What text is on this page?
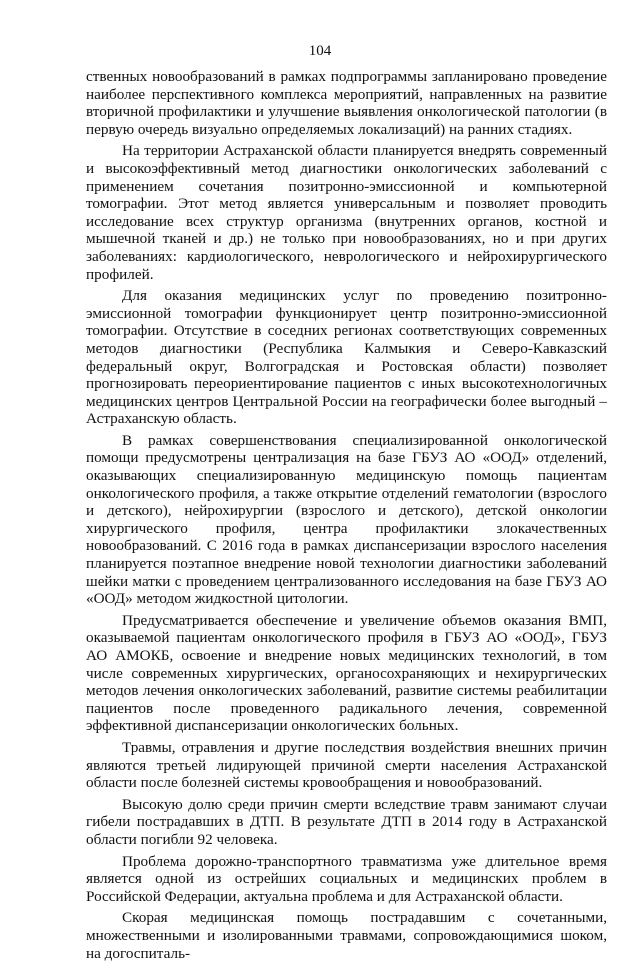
104

ственных новообразований в рамках подпрограммы запланировано проведение наиболее перспективного комплекса мероприятий, направленных на развитие вторичной профилактики и улучшение выявления онкологической патологии (в первую очередь визуально определяемых локализаций) на ранних стадиях.

На территории Астраханской области планируется внедрять современный и высокоэффективный метод диагностики онкологических заболеваний с применением сочетания позитронно-эмиссионной и компьютерной томографии. Этот метод является универсальным и позволяет проводить исследование всех структур организма (внутренних органов, костной и мышечной тканей и др.) не только при новообразованиях, но и при других заболеваниях: кардиологического, неврологического и нейрохирургического профилей.

Для оказания медицинских услуг по проведению позитронно-эмиссионной томографии функционирует центр позитронно-эмиссионной томографии. Отсутствие в соседних регионах соответствующих современных методов диагностики (Республика Калмыкия и Северо-Кавказский федеральный округ, Волгоградская и Ростовская области) позволяет прогнозировать переориентирование пациентов с иных высокотехнологичных медицинских центров Центральной России на географически более выгодный – Астраханскую область.

В рамках совершенствования специализированной онкологической помощи предусмотрены централизация на базе ГБУЗ АО «ООД» отделений, оказывающих специализированную медицинскую помощь пациентам онкологического профиля, а также открытие отделений гематологии (взрослого и детского), нейрохирургии (взрослого и детского), детской онкологии хирургического профиля, центра профилактики злокачественных новообразований. С 2016 года в рамках диспансеризации взрослого населения планируется поэтапное внедрение новой технологии диагностики заболеваний шейки матки с проведением централизованного исследования на базе ГБУЗ АО «ООД» методом жидкостной цитологии.

Предусматривается обеспечение и увеличение объемов оказания ВМП, оказываемой пациентам онкологического профиля в ГБУЗ АО «ООД», ГБУЗ АО АМОКБ, освоение и внедрение новых медицинских технологий, в том числе современных хирургических, органосохраняющих и нехирургических методов лечения онкологических заболеваний, развитие системы реабилитации пациентов после проведенного радикального лечения, современной эффективной диспансеризации онкологических больных.

Травмы, отравления и другие последствия воздействия внешних причин являются третьей лидирующей причиной смерти населения Астраханской области после болезней системы кровообращения и новообразований.

Высокую долю среди причин смерти вследствие травм занимают случаи гибели пострадавших в ДТП. В результате ДТП в 2014 году в Астраханской области погибли 92 человека.

Проблема дорожно-транспортного травматизма уже длительное время является одной из острейших социальных и медицинских проблем в Российской Федерации, актуальна проблема и для Астраханской области.

Скорая медицинская помощь пострадавшим с сочетанными, множественными и изолированными травмами, сопровождающимися шоком, на догоспиталь-
